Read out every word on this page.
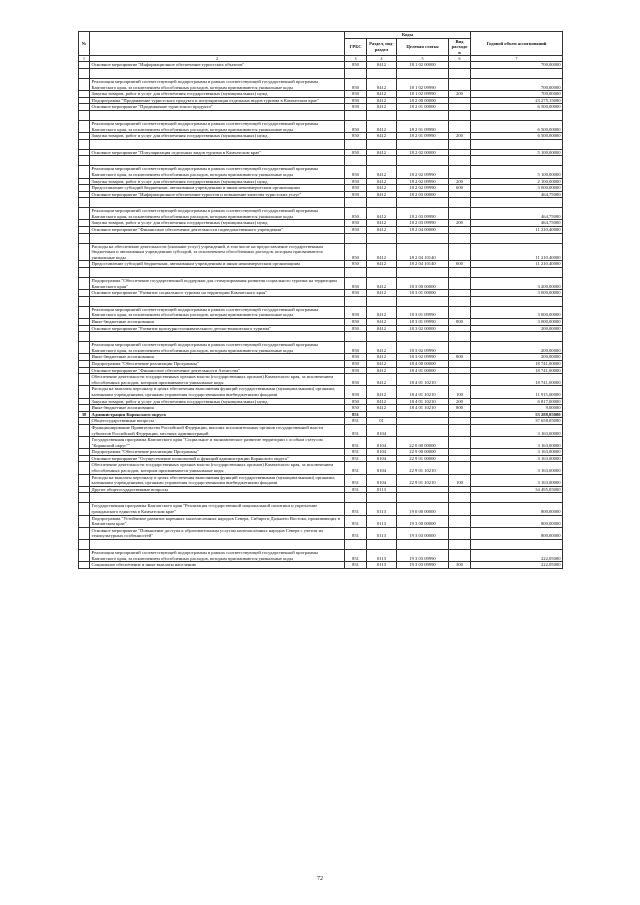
№		Коды				Годовой объем ассигнований
		ГРБС	Раздел, под-раздел	Целевая статья	Вид расходов	
1	2	3	4	5	6	7
	Основное мероприятие "Информационное обеспечение туристских объектов"	850	0412	18 1 02 00000		700,00000

	Реализация мероприятий соответствующей подпрограммы в рамках соответствующей государственной программы Камчатского края, за исключением обособленных расходов, которым присваиваются уникальные коды	850	0412	18 1 02 09990		700,00000
	Закупка товаров, работ и услуг для обеспечения государственных (муниципальных) нужд	850	0412	18 1 02 09990	200	700,00000
	Подпрограмма "Продвижение туристского продукта и популяризация отдельных видов туризма в Камчатском крае"	850	0412	18 2 00 00000		23 275,15000
	Основное мероприятие "Продвижение туристского продукта"	850	0412	18 2 01 00000		6 500,00000

	Реализация мероприятий соответствующей подпрограммы в рамках соответствующей государственной программы Камчатского края, за исключением обособленных расходов, которым присваиваются уникальные коды	850	0412	18 2 01 09990		6 500,00000
	Закупка товаров, работ и услуг для обеспечения государственных (муниципальных) нужд	850	0412	18 2 01 09990	200	6 500,00000

	Основное мероприятие "Популяризация отдельных видов туризма в Камчатском крае"	850	0412	18 2 02 00000		5 100,00000

	Реализация мероприятий соответствующей подпрограммы в рамках соответствующей государственной программы Камчатского края, за исключением обособленных расходов, которым присваиваются уникальные коды	850	0412	18 2 02 09990		5 100,00000
	Закупка товаров, работ и услуг для обеспечения государственных (муниципальных) нужд	850	0412	18 2 02 09990	200	2 100,00000
	Предоставление субсидий бюджетным, автономным учреждениям и иным некоммерческим организациям	850	0412	18 2 02 09990	600	3 000,00000
	Основное мероприятие "Информационное обеспечение туристов и повышение качества туристских услуг"	850	0412	18 2 03 00000		464,75000

	Реализация мероприятий соответствующей подпрограммы в рамках соответствующей государственной программы Камчатского края, за исключением обособленных расходов, которым присваиваются уникальные коды	850	0412	18 2 03 09990		464,75000
	Закупка товаров, работ и услуг для обеспечения государственных (муниципальных) нужд	850	0412	18 2 03 09990	200	464,75000
	Основное мероприятие "Финансовое обеспечение деятельности подведомственного учреждения"	850	0412	18 2 04 00000		11 210,40000

	Расходы на обеспечение деятельности (оказание услуг) учреждений, в том числе на предоставление государственным бюджетным и автономным учреждениям субсидий, за исключением обособленных расходов, которым присваиваются уникальные коды	850	0412	18 2 04 10140		11 210,40000
	Предоставление субсидий бюджетным, автономным учреждениям и иным некоммерческим организациям	850	0412	18 2 04 10140	600	11 210,40000

	Подпрограмма "Обеспечение государственной поддержки для стимулирования развития социального туризма на территории Камчатского края"	850	0412	18 3 00 00000		3 200,00000
	Основное мероприятие "Развитие социального туризма на территории Камчатского края"	850	0412	18 3 01 00000		3 000,00000

	Реализация мероприятий соответствующей подпрограммы в рамках соответствующей государственной программы Камчатского края, за исключением обособленных расходов, которым присваиваются уникальные коды	850	0412	18 3 01 09990		3 000,00000
	Иные бюджетные ассигнования	850	0412	18 3 01 09990	800	3 000,00000
	Основное мероприятие "Развитие культурно-познавательного детско-юношеского туризма"	850	0412	18 3 02 00000		200,00000

	Реализация мероприятий соответствующей подпрограммы в рамках соответствующей государственной программы Камчатского края, за исключением обособленных расходов, которым присваиваются уникальные коды	850	0412	18 3 02 09990		200,00000
	Иные бюджетные ассигнования	850	0412	18 3 02 09990	800	200,00000
	Подпрограмма "Обеспечение реализации Программы"	850	0412	18 4 00 00000		18 741,00000
	Основное мероприятие "Финансовое обеспечение деятельности Агентства"	850	0412	18 4 01 00000		18 741,00000
	Обеспечение деятельности государственных органов власти (государственных органов) Камчатского края, за исключением обособленных расходов, которым присваиваются уникальные коды	850	0412	18 4 01 10210		18 741,00000
	Расходы на выплаты персоналу в целях обеспечения выполнения функций государственными (муниципальными) органами, казенными учреждениями, органами управления государственными внебюджетными фондами	850	0412	18 4 01 10210	100	11 915,00000
	Закупка товаров, работ и услуг для обеспечения государственных (муниципальных) нужд	850	0412	18 4 01 10210	200	6 817,00000
	Иные бюджетные ассигнования	850	0412	18 4 01 10210	800	9,00000
38	Администрация Корякского округа	851				53 288,05000
	Общегосударственные вопросы	851	01			37 658,05000
	Функционирование Правительства Российской Федерации, высших исполнительных органов государственной власти субъектов Российской Федерации, местных администраций	851	0104			3 163,00000
	Государственная программа Камчатского края "Социальное и экономическое развитие территории с особым статусом "Корякский округ""	851	0104	22 0 00 00000		3 163,00000
	Подпрограмма "Обеспечение реализации Программы"	851	0104	22 9 00 00000		3 163,00000
	Основное мероприятие "Осуществление полномочий и функций администрации Корякского округа"	851	0104	22 9 01 00000		3 163,00000
	Обеспечение деятельности государственных органов власти (государственных органов) Камчатского края, за исключением обособленных расходов, которым присваиваются уникальные коды	851	0104	22 9 01 10210		3 163,00000
	Расходы на выплаты персоналу в целях обеспечения выполнения функций государственными (муниципальными) органами, казенными учреждениями, органами управления государственными внебюджетными фондами	851	0104	22 9 01 10210	100	3 163,00000
	Другие общегосударственные вопросы	851	0113			34 495,05000

	Государственная программа Камчатского края "Реализация государственной национальной политики и укрепление гражданского единства в Камчатском крае"	851	0113	19 0 00 00000		800,00000
	Подпрограмма "Устойчивое развитие коренных малочисленных народов Севера, Сибири и Дальнего Востока, проживающих в Камчатском крае"	851	0113	19 3 00 00000		800,00000
	Основное мероприятие "Повышение доступа к образовательным услугам малочисленных народов Севера с учетом их этнокультурных особенностей"	851	0113	19 3 03 00000		800,00000

	Реализация мероприятий соответствующей подпрограммы в рамках соответствующей государственной программы Камчатского края, за исключением обособленных расходов, которым присваиваются уникальные коды	851	0113	19 3 03 09990		222,05000
	Социальное обеспечение и иные выплаты населению	851	0113	19 3 03 09990	300	222,05000
72
